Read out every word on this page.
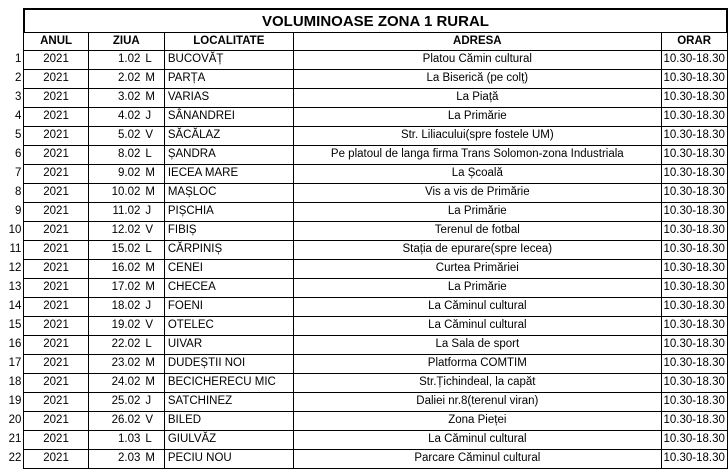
	VOLUMINOASE ZONA 1 RURAL					
	ANUL	ZIUA		LOCALITATE	ADRESA	ORAR
1	2021	1.02	L	BUCOVĂȚ	Platou Cămin cultural	10.30-18.30
2	2021	2.02	M	PARȚA	La Biserică (pe colț)	10.30-18.30
3	2021	3.02	M	VARIAS	La Piață	10.30-18.30
4	2021	4.02	J	SÂNANDREI	La Primărie	10.30-18.30
5	2021	5.02	V	SĂCĂLAZ	Str. Liliacului(spre fostele UM)	10.30-18.30
6	2021	8.02	L	ȘANDRA	Pe platoul de langa firma Trans Solomon-zona Industriala	10.30-18.30
7	2021	9.02	M	IECEA MARE	La Școală	10.30-18.30
8	2021	10.02	M	MAȘLOC	Vis a vis de Primărie	10.30-18.30
9	2021	11.02	J	PIȘCHIA	La Primărie	10.30-18.30
10	2021	12.02	V	FIBIȘ	Terenul de fotbal	10.30-18.30
11	2021	15.02	L	CĂRPINIȘ	Stația de epurare(spre Iecea)	10.30-18.30
12	2021	16.02	M	CENEI	Curtea Primăriei	10.30-18.30
13	2021	17.02	M	CHECEA	La Primărie	10.30-18.30
14	2021	18.02	J	FOENI	La Căminul cultural	10.30-18.30
15	2021	19.02	V	OTELEC	La Căminul cultural	10.30-18.30
16	2021	22.02	L	UIVAR	La Sala de sport	10.30-18.30
17	2021	23.02	M	DUDEȘTII NOI	Platforma COMTIM	10.30-18.30
18	2021	24.02	M	BECICHERECU MIC	Str.Țichindeal, la capăt	10.30-18.30
19	2021	25.02	J	SATCHINEZ	Daliei nr.8(terenul viran)	10.30-18.30
20	2021	26.02	V	BILED	Zona Pieței	10.30-18.30
21	2021	1.03	L	GIULVĂZ	La Căminul cultural	10.30-18.30
22	2021	2.03	M	PECIU NOU	Parcare Căminul cultural	10.30-18.30
